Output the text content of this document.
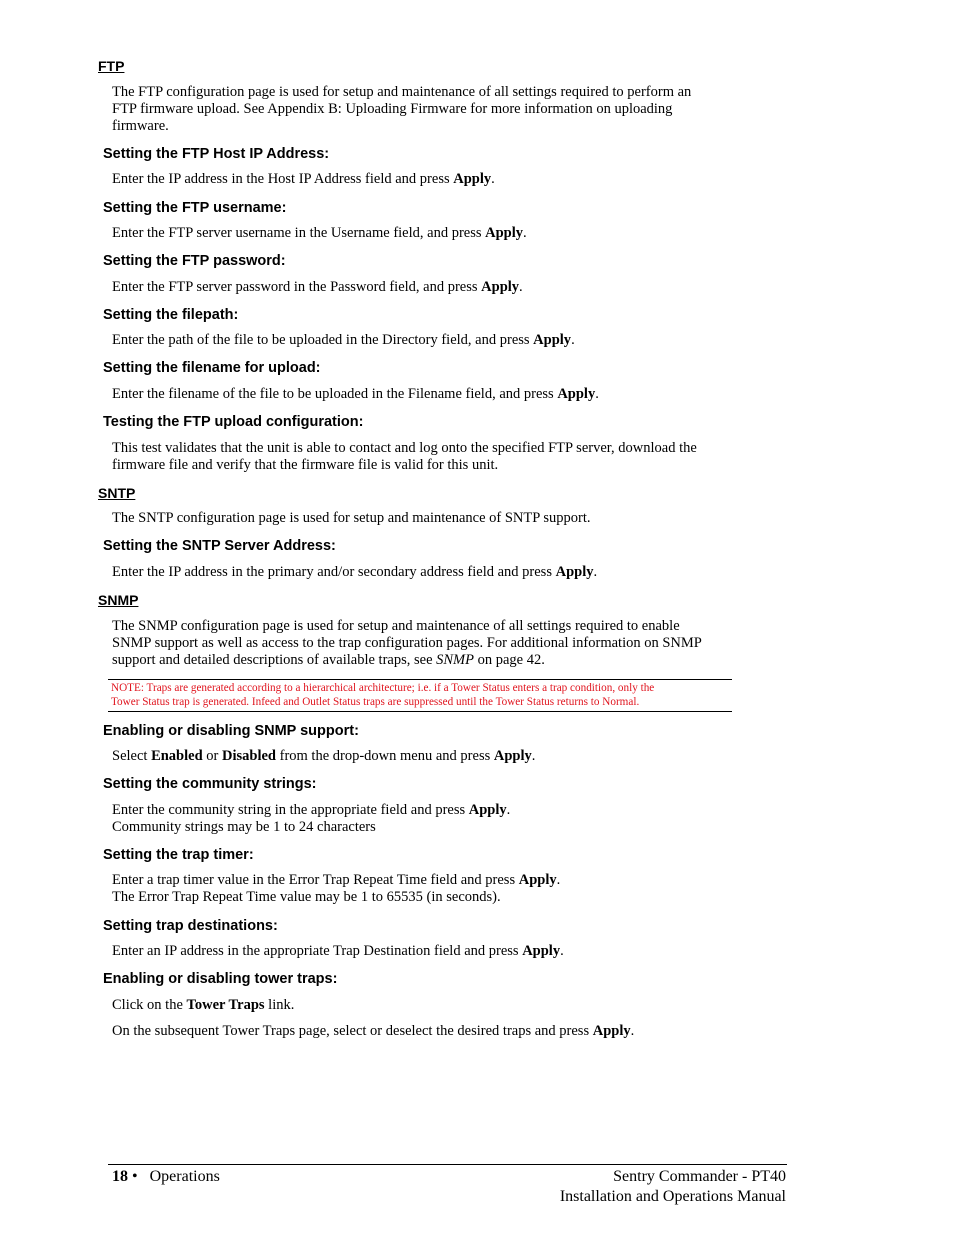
FTP
The FTP configuration page is used for setup and maintenance of all settings required to perform an
FTP firmware upload. See Appendix B: Uploading Firmware for more information on uploading
firmware.
Setting the FTP Host IP Address:
Enter the IP address in the Host IP Address field and press Apply.
Setting the FTP username:
Enter the FTP server username in the Username field, and press Apply.
Setting the FTP password:
Enter the FTP server password in the Password field, and press Apply.
Setting the filepath:
Enter the path of the file to be uploaded in the Directory field, and press Apply.
Setting the filename for upload:
Enter the filename of the file to be uploaded in the Filename field, and press Apply.
Testing the FTP upload configuration:
This test validates that the unit is able to contact and log onto the specified FTP server, download the
firmware file and verify that the firmware file is valid for this unit.
SNTP
The SNTP configuration page is used for setup and maintenance of SNTP support.
Setting the SNTP Server Address:
Enter the IP address in the primary and/or secondary address field and press Apply.
SNMP
The SNMP configuration page is used for setup and maintenance of all settings required to enable
SNMP support as well as access to the trap configuration pages. For additional information on SNMP
support and detailed descriptions of available traps, see SNMP on page 42.
NOTE: Traps are generated according to a hierarchical architecture; i.e. if a Tower Status enters a trap condition, only the
Tower Status trap is generated. Infeed and Outlet Status traps are suppressed until the Tower Status returns to Normal.
Enabling or disabling SNMP support:
Select Enabled or Disabled from the drop-down menu and press Apply.
Setting the community strings:
Enter the community string in the appropriate field and press Apply.
Community strings may be 1 to 24 characters
Setting the trap timer:
Enter a trap timer value in the Error Trap Repeat Time field and press Apply.
The Error Trap Repeat Time value may be 1 to 65535 (in seconds).
Setting trap destinations:
Enter an IP address in the appropriate Trap Destination field and press Apply.
Enabling or disabling tower traps:
Click on the Tower Traps link.
On the subsequent Tower Traps page, select or deselect the desired traps and press Apply.
18 • Operations	Sentry Commander - PT40
Installation and Operations Manual
